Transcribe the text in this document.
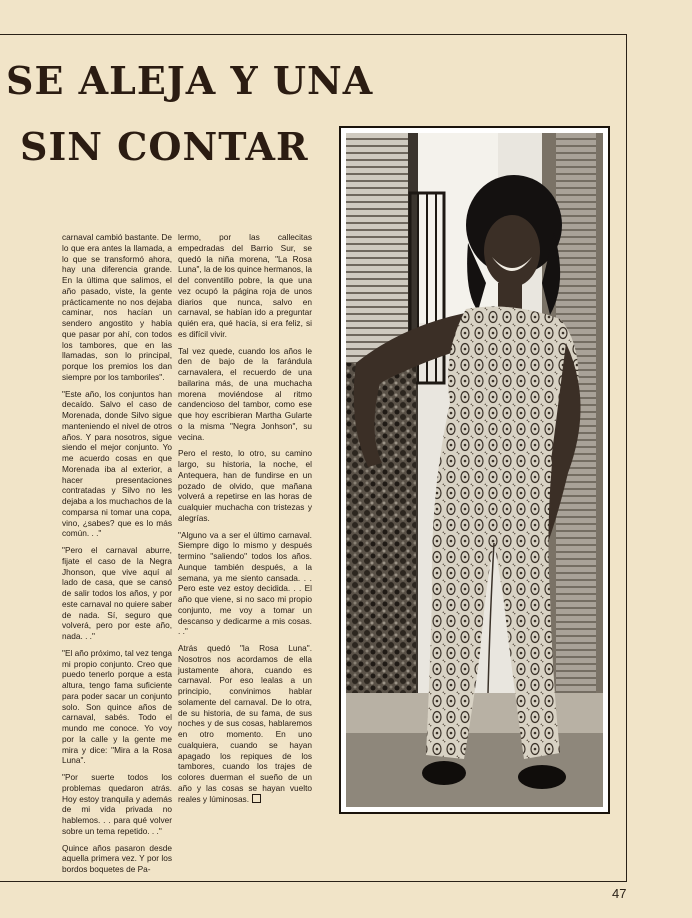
SE ALEJA Y UNA
SIN CONTAR

carnaval cambió bastante. De lo que era antes la llamada, a lo que se transformó ahora, hay una diferencia grande. En la última que salimos, el año pasado, viste, la gente prácticamente no nos dejaba caminar, nos hacían un sendero angostito y había que pasar por ahí, con todos los tambores, que en las llamadas, son lo principal, porque los premios los dan siempre por los tamboriles".

"Este año, los conjuntos han decaído. Salvo el caso de Morenada, donde Silvo sigue manteniendo el nivel de otros años. Y para nosotros, sigue siendo el mejor conjunto. Yo me acuerdo cosas en que Morenada iba al exterior, a hacer presentaciones contratadas y Silvo no les dejaba a los muchachos de la comparsa ni tomar una copa, vino, ¿sabes? que es lo más común. . ."

"Pero el carnaval aburre, fijate el caso de la Negra Jhonson, que vive aquí al lado de casa, que se cansó de salir todos los años, y por este carnaval no quiere saber de nada. Sí, seguro que volverá, pero por este año, nada. . ."

"El año próximo, tal vez tenga mi propio conjunto. Creo que puedo tenerlo porque a esta altura, tengo fama suficiente para poder sacar un conjunto solo. Son quince años de carnaval, sabés. Todo el mundo me conoce. Yo voy por la calle y la gente me mira y dice: "Mira a la Rosa Luna".

"Por suerte todos los problemas quedaron atrás. Hoy estoy tranquila y además de mi vida privada no hablemos. . . para qué volver sobre un tema repetido. . ."

Quince años pasaron desde aquella primera vez. Y por los bordos boquetes de Pa-

lermo, por las callecitas empedradas del Barrio Sur, se quedó la niña morena, "La Rosa Luna", la de los quince hermanos, la del conventillo pobre, la que una vez ocupó la página roja de unos diarios que nunca, salvo en carnaval, se habían ido a preguntar quién era, qué hacía, si era feliz, si es difícil vivir.

Tal vez quede, cuando los años le den de bajo de la farándula carnavalera, el recuerdo de una bailarina más, de una muchacha morena moviéndose al ritmo candencioso del tambor, como ese que hoy escribieran Martha Gularte o la misma "Negra Jonhson", su vecina.

Pero el resto, lo otro, su camino largo, su historia, la noche, el Antequera, han de fundirse en un pozado de olvido, que mañana volverá a repetirse en las horas de cualquier muchacha con tristezas y alegrías.

"Alguno va a ser el último carnaval. Siempre digo lo mismo y después termino "saliendo" todos los años. Aunque también después, a la semana, ya me siento cansada. . . Pero este vez estoy decidida. . . El año que viene, si no saco mi propio conjunto, me voy a tomar un descanso y dedicarme a mis cosas. . ."

Atrás quedó "la Rosa Luna". Nosotros nos acordamos de ella justamente ahora, cuando es carnaval. Por eso lealas a un principio, convinimos hablar solamente del carnaval. De lo otra, de su historia, de su fama, de sus noches y de sus cosas, hablaremos en otro momento. En uno cualquiera, cuando se hayan apagado los repiques de los tambores, cuando los trajes de colores duerman el sueño de un año y las cosas se hayan vuelto reales y lúminosas.

47
